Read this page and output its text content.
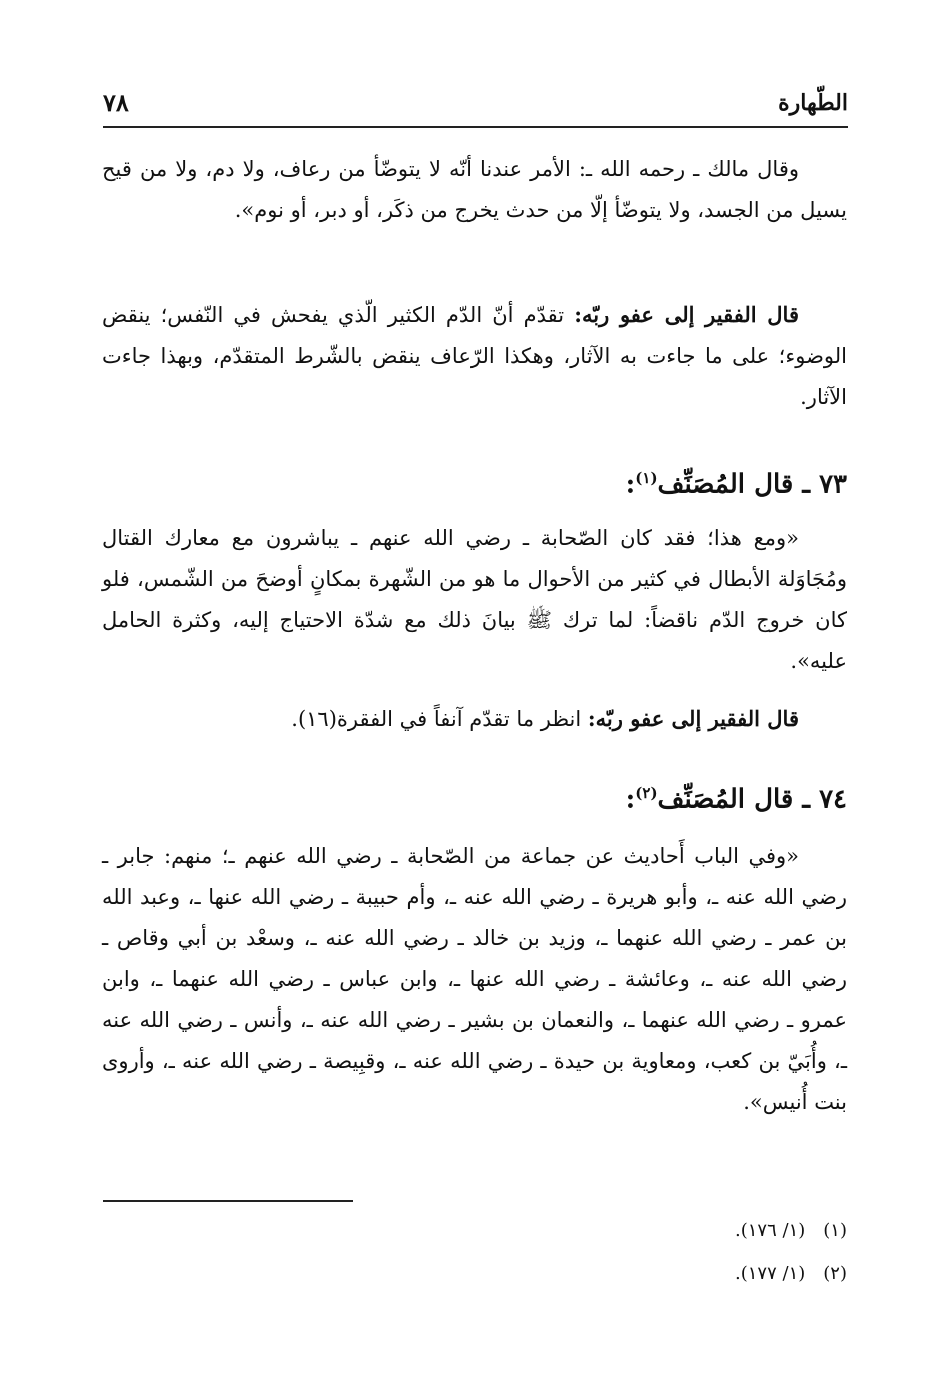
الطّهارة
٧٨
وقال مالك ـ رحمه الله ـ: الأمر عندنا أنّه لا يتوضّأ من رعاف، ولا دم، ولا من قيح يسيل من الجسد، ولا يتوضّأ إلّا من حدث يخرج من ذكَر، أو دبر، أو نوم».
قال الفقير إلى عفو ربّه: تقدّم أنّ الدّم الكثير الّذي يفحش في النّفس؛ ينقض الوضوء؛ على ما جاءت به الآثار، وهكذا الرّعاف ينقض بالشّرط المتقدّم، وبهذا جاءت الآثار.
٧٣ ـ قال المُصَنِّف$^{(١)}$:
«ومع هذا؛ فقد كان الصّحابة ـ رضي الله عنهم ـ يباشرون مع معارك القتال ومُجَاوَلة الأبطال في كثير من الأحوال ما هو من الشّهرة بمكانٍ أوضحَ من الشّمس، فلو كان خروج الدّم ناقضاً: لما ترك ﷺ بيانَ ذلك مع شدّة الاحتياج إليه، وكثرة الحامل عليه».
قال الفقير إلى عفو ربّه: انظر ما تقدّم آنفاً في الفقرة(١٦).
٧٤ ـ قال المُصَنِّف$^{(٢)}$:
«وفي الباب أَحاديث عن جماعة من الصّحابة ـ رضي الله عنهم ـ؛ منهم: جابر ـ رضي الله عنه ـ، وأبو هريرة ـ رضي الله عنه ـ، وأم حبيبة ـ رضي الله عنها ـ، وعبد الله بن عمر ـ رضي الله عنهما ـ، وزيد بن خالد ـ رضي الله عنه ـ، وسعْد بن أبي وقاص ـ رضي الله عنه ـ، وعائشة ـ رضي الله عنها ـ، وابن عباس ـ رضي الله عنهما ـ، وابن عمرو ـ رضي الله عنهما ـ، والنعمان بن بشير ـ رضي الله عنه ـ، وأنس ـ رضي الله عنه ـ، وأُبَيّ بن كعب، ومعاوية بن حيدة ـ رضي الله عنه ـ، وقبِيصة ـ رضي الله عنه ـ، وأروى بنت أُنيس».
(١)(١/ ١٧٦).
(٢)(١/ ١٧٧).
